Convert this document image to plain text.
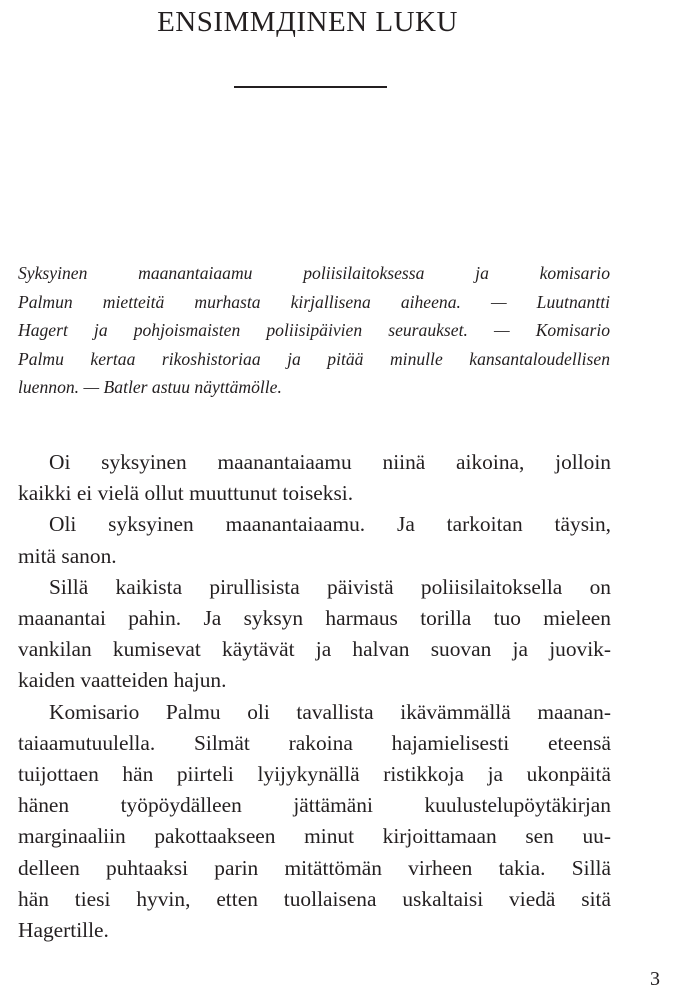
ENSIMMДINEN LUKU
Syksyinen maanantaiaamu poliisilaitoksessa ja komisario
Palmun mietteitä murhasta kirjallisena aiheena. — Luutnantti
Hagert ja pohjoismaisten poliisipäivien seuraukset. — Komisario
Palmu kertaa rikoshistoriaa ja pitää minulle kansantaloudellisen
luennon. — Batler astuu näyttämölle.
Oi syksyinen maanantaiaamu niinä aikoina, jolloin
kaikki ei vielä ollut muuttunut toiseksi.
Oli syksyinen maanantaiaamu. Ja tarkoitan täysin,
mitä sanon.
Sillä kaikista pirullisista päivistä poliisilaitoksella on
maanantai pahin. Ja syksyn harmaus torilla tuo mieleen
vankilan kumisevat käytävät ja halvan suovan ja juovik-
kaiden vaatteiden hajun.
Komisario Palmu oli tavallista ikävämmällä maanan-
taiaamutuulella. Silmät rakoina hajamielisesti eteensä
tuijottaen hän piirteli lyijykynällä ristikkoja ja ukonpäitä
hänen työpöydälleen jättämäni kuulustelupöytäkirjan
marginaaliin pakottaakseen minut kirjoittamaan sen uu-
delleen puhtaaksi parin mitättömän virheen takia. Sillä
hän tiesi hyvin, etten tuollaisena uskaltaisi viedä sitä
Hagertille.
3
